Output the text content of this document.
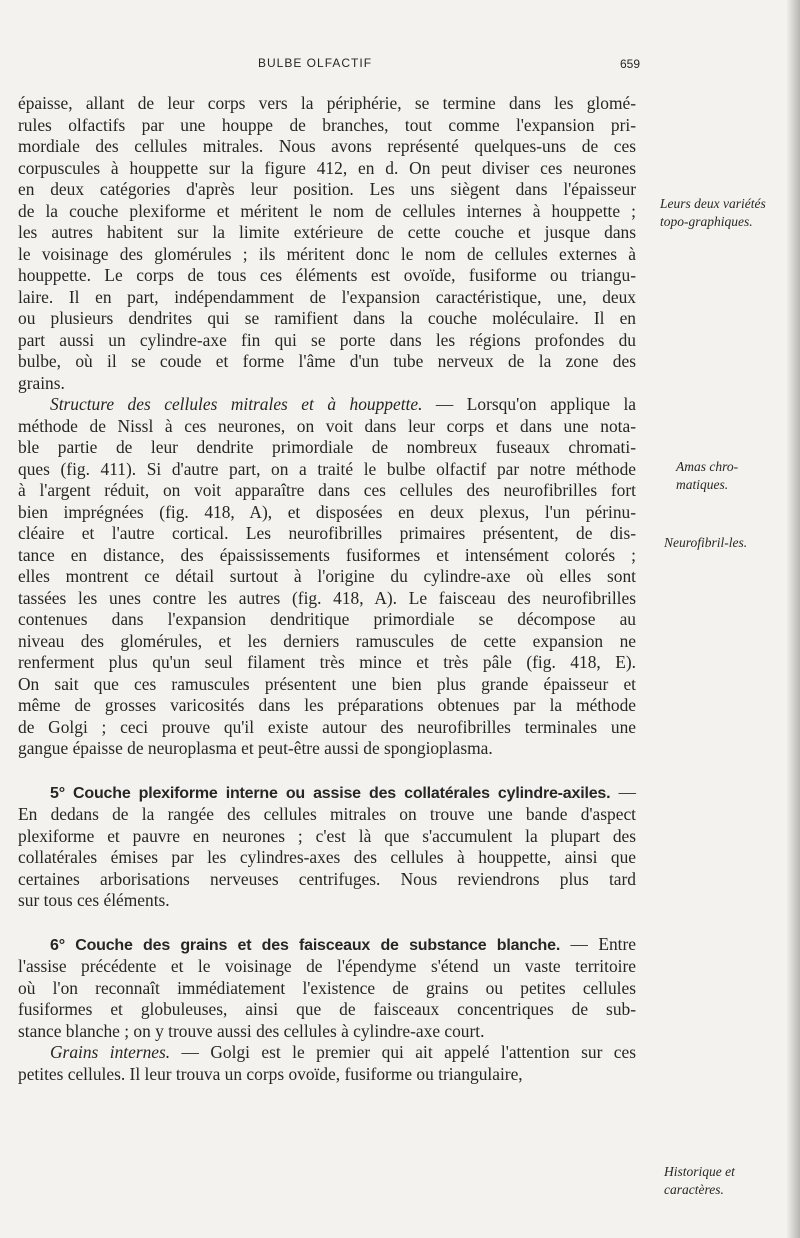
BULBE OLFACTIF	659

épaisse, allant de leur corps vers la périphérie, se termine dans les glomé-

rules olfactifs par une houppe de branches, tout comme l'expansion pri-

mordiale des cellules mitrales. Nous avons représenté quelques-uns de ces

corpuscules à houppette sur la figure 412, en d. On peut diviser ces neurones

en deux catégories d'après leur position. Les uns siègent dans l'épaisseur

de la couche plexiforme et méritent le nom de cellules internes à houppette ;

les autres habitent sur la limite extérieure de cette couche et jusque dans

le voisinage des glomérules ; ils méritent donc le nom de cellules externes à

houppette. Le corps de tous ces éléments est ovoïde, fusiforme ou triangu-

laire. Il en part, indépendamment de l'expansion caractéristique, une, deux

ou plusieurs dendrites qui se ramifient dans la couche moléculaire. Il en

part aussi un cylindre-axe fin qui se porte dans les régions profondes du

bulbe, où il se coude et forme l'âme d'un tube nerveux de la zone des

grains.

Structure des cellules mitrales et à houppette. — Lorsqu'on applique la

méthode de Nissl à ces neurones, on voit dans leur corps et dans une nota-

ble partie de leur dendrite primordiale de nombreux fuseaux chromati-

ques (fig. 411). Si d'autre part, on a traité le bulbe olfactif par notre méthode

à l'argent réduit, on voit apparaître dans ces cellules des neurofibrilles fort

bien imprégnées (fig. 418, A), et disposées en deux plexus, l'un périnu-

cléaire et l'autre cortical. Les neurofibrilles primaires présentent, de dis-

tance en distance, des épaississements fusiformes et intensément colorés ;

elles montrent ce détail surtout à l'origine du cylindre-axe où elles sont

tassées les unes contre les autres (fig. 418, A). Le faisceau des neurofibrilles

contenues dans l'expansion dendritique primordiale se décompose au

niveau des glomérules, et les derniers ramuscules de cette expansion ne

renferment plus qu'un seul filament très mince et très pâle (fig. 418, E).

On sait que ces ramuscules présentent une bien plus grande épaisseur et

même de grosses varicosités dans les préparations obtenues par la méthode

de Golgi ; ceci prouve qu'il existe autour des neurofibrilles terminales une

gangue épaisse de neuroplasma et peut-être aussi de spongioplasma.

5° Couche plexiforme interne ou assise des collatérales cylindre-axiles. —

En dedans de la rangée des cellules mitrales on trouve une bande d'aspect

plexiforme et pauvre en neurones ; c'est là que s'accumulent la plupart des

collatérales émises par les cylindres-axes des cellules à houppette, ainsi que

certaines arborisations nerveuses centrifuges. Nous reviendrons plus tard

sur tous ces éléments.

6° Couche des grains et des faisceaux de substance blanche. — Entre

l'assise précédente et le voisinage de l'épendyme s'étend un vaste territoire

où l'on reconnaît immédiatement l'existence de grains ou petites cellules

fusiformes et globuleuses, ainsi que de faisceaux concentriques de sub-

stance blanche ; on y trouve aussi des cellules à cylindre-axe court.

Grains internes. — Golgi est le premier qui ait appelé l'attention sur ces

petites cellules. Il leur trouva un corps ovoïde, fusiforme ou triangulaire,

Leurs deux variétés topo-graphiques.
Amas chro-matiques.
Neurofibril-les.
Historique et caractères.
